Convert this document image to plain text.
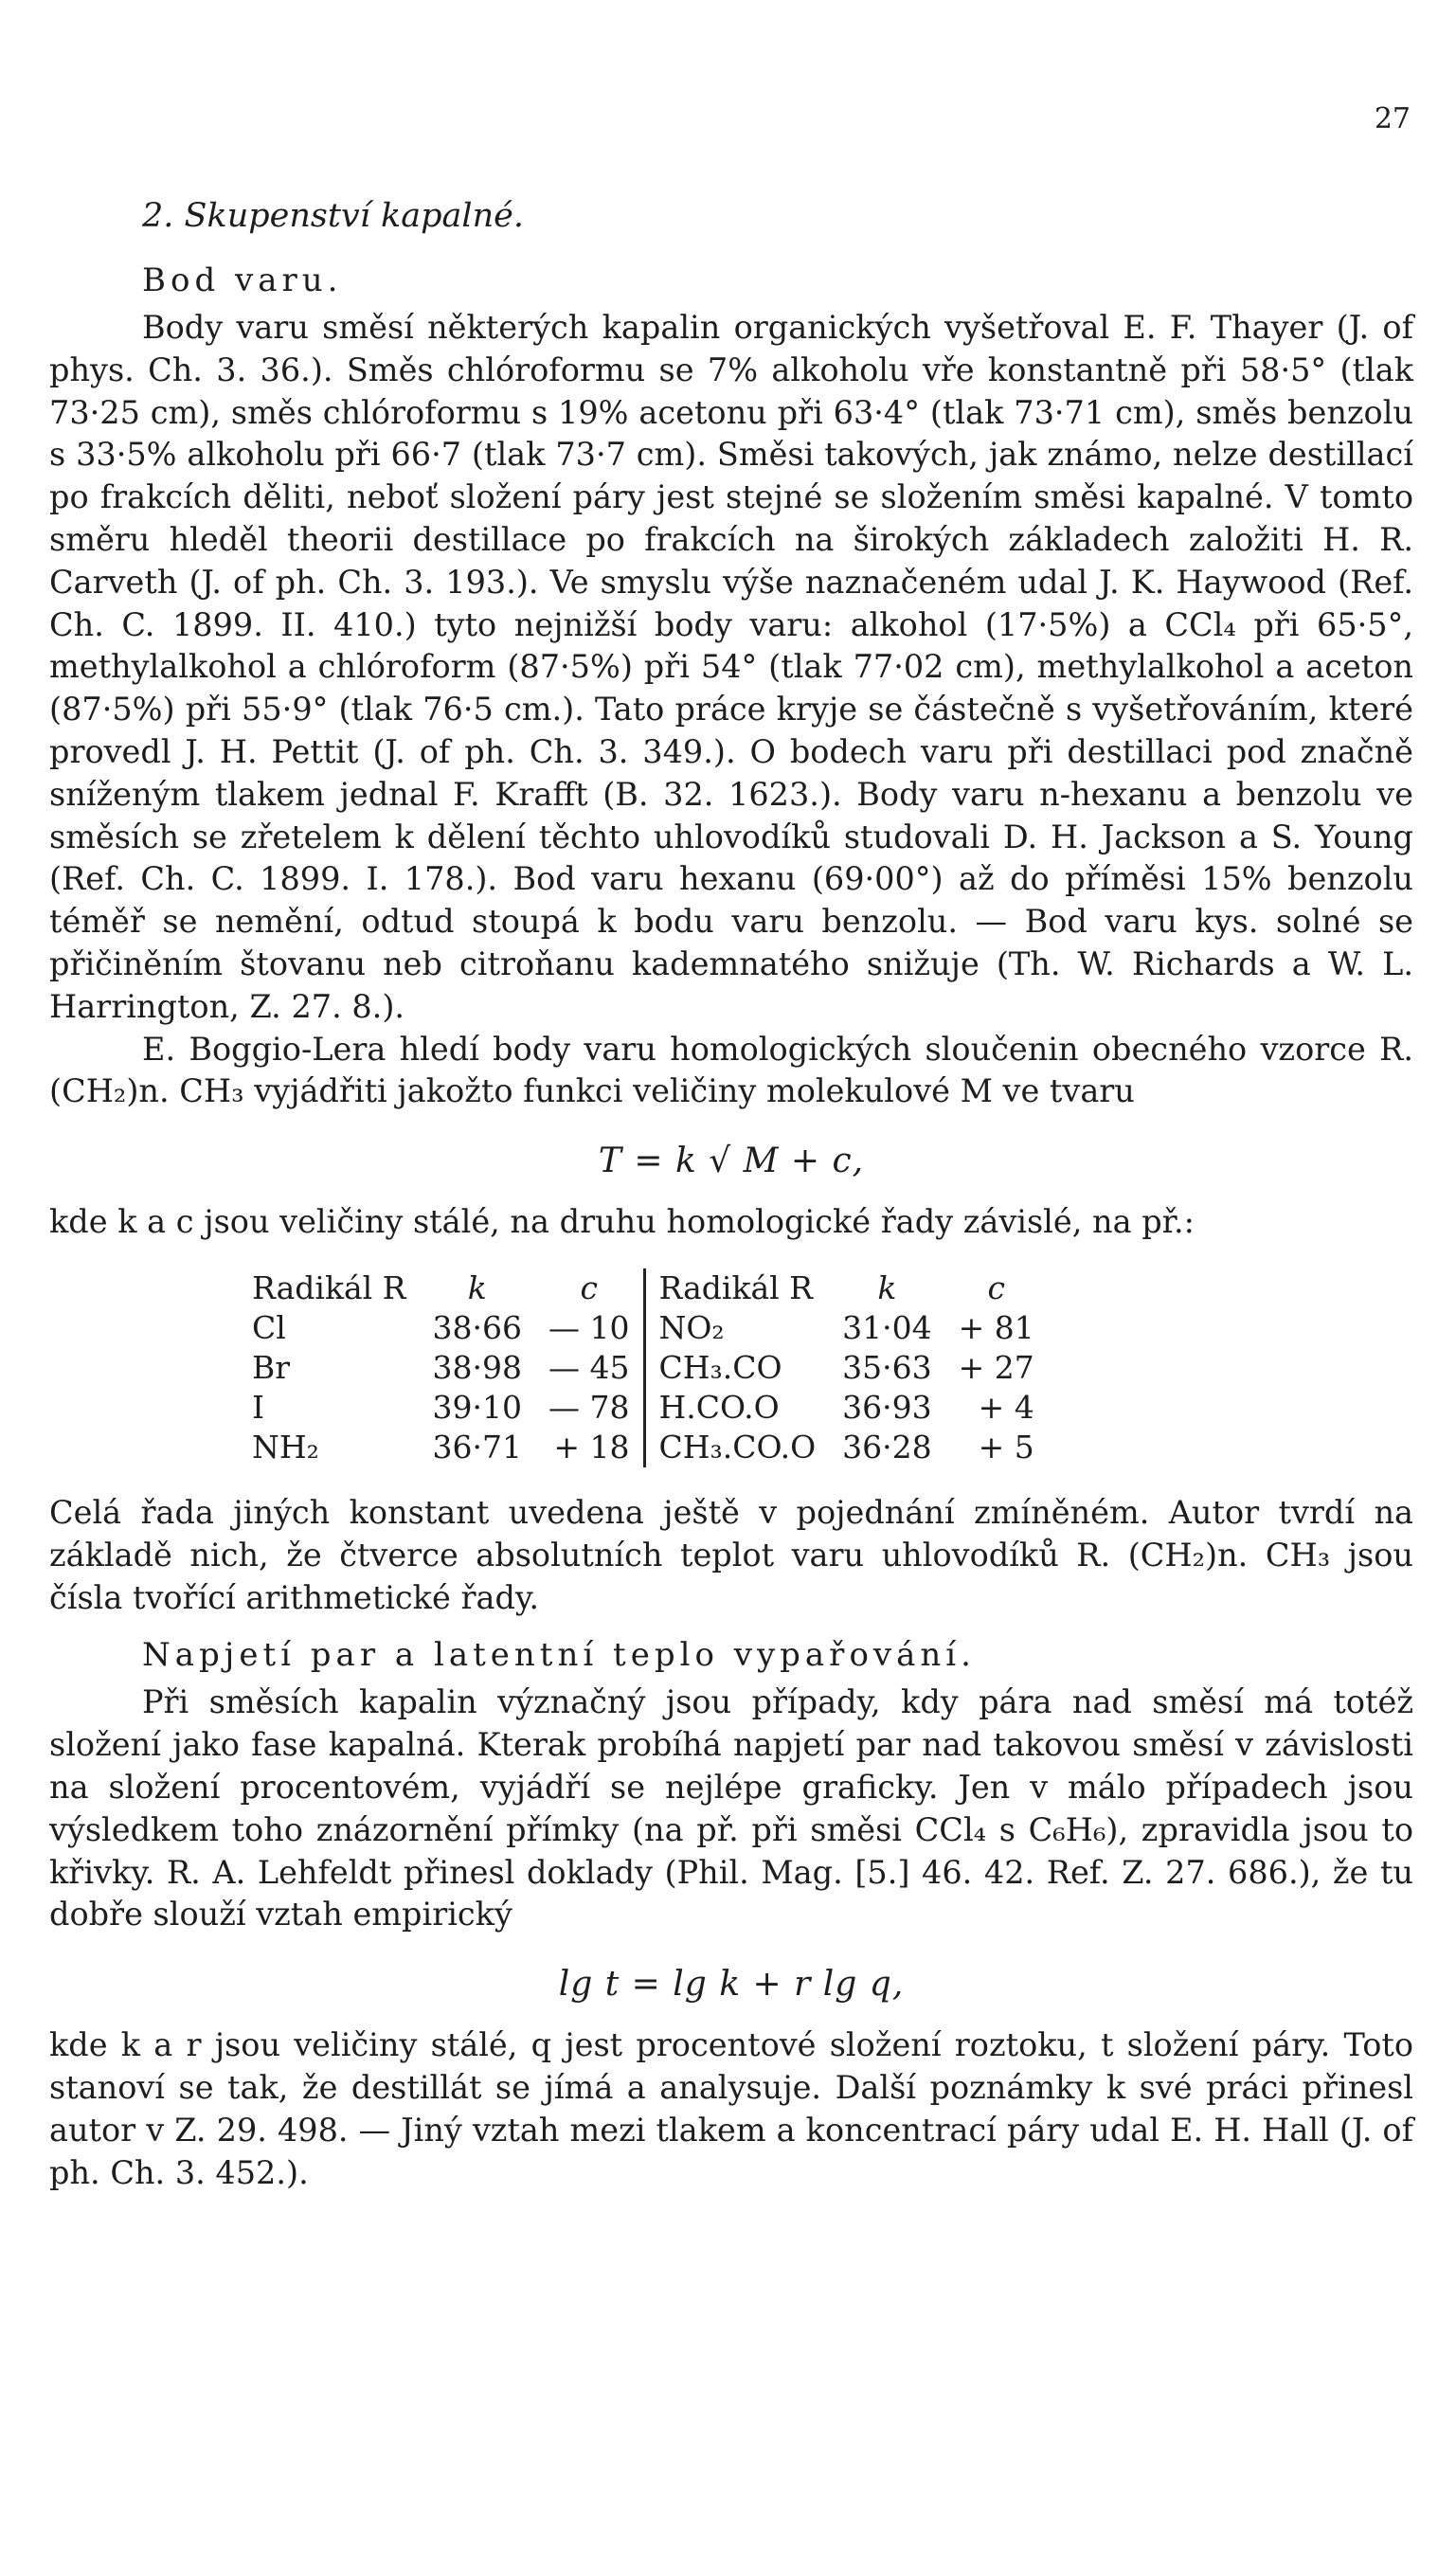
27
2. Skupenství kapalné.
Bod varu.

Body varu směsí některých kapalin organických vyšetřoval E. F. Thayer (J. of phys. Ch. 3. 36.). Směs chlóroformu se 7% alkoholu vře konstantně při 58·5° (tlak 73·25 cm), směs chlóroformu s 19% acetonu při 63·4° (tlak 73·71 cm), směs benzolu s 33·5% alkoholu při 66·7 (tlak 73·7 cm). Směsi takových, jak známo, nelze destillací po frakcích děliti, neboť složení páry jest stejné se složením směsi kapalné. V tomto směru hleděl theorii destillace po frakcích na širokých základech založiti H. R. Carveth (J. of ph. Ch. 3. 193.). Ve smyslu výše naznačeném udal J. K. Haywood (Ref. Ch. C. 1899. II. 410.) tyto nejnižší body varu: alkohol (17·5%) a CCl₄ při 65·5°, methylalkohol a chlóroform (87·5%) při 54° (tlak 77·02 cm), methylalkohol a aceton (87·5%) při 55·9° (tlak 76·5 cm.). Tato práce kryje se částečně s vyšetřováním, které provedl J. H. Pettit (J. of ph. Ch. 3. 349.). O bodech varu při destillaci pod značně sníženým tlakem jednal F. Krafft (B. 32. 1623.). Body varu n-hexanu a benzolu ve směsích se zřetelem k dělení těchto uhlovodíků studovali D. H. Jackson a S. Young (Ref. Ch. C. 1899. I. 178.). Bod varu hexanu (69·00°) až do příměsi 15% benzolu téměř se nemění, odtud stoupá k bodu varu benzolu. — Bod varu kys. solné se přičiněním štovanu neb citroňanu kademnatého snižuje (Th. W. Richards a W. L. Harrington, Z. 27. 8.).

E. Boggio-Lera hledí body varu homologických sloučenin obecného vzorce R. (CH₂)n. CH₃ vyjádřiti jakožto funkci veličiny molekulové M ve tvaru

T = k √ M + c,

kde k a c jsou veličiny stálé, na druhu homologické řady závislé, na př.:

Radikál R	k	c	Radikál R	k	c
Cl	38·66	— 10	NO₂	31·04	+ 81
Br	38·98	— 45	CH₃.CO	35·63	+ 27
I	39·10	— 78	H.CO.O	36·93	+ 4
NH₂	36·71	+ 18	CH₃.CO.O	36·28	+ 5

Celá řada jiných konstant uvedena ještě v pojednání zmíněném. Autor tvrdí na základě nich, že čtverce absolutních teplot varu uhlovodíků R. (CH₂)n. CH₃ jsou čísla tvořící arithmetické řady.

Napjetí par a latentní teplo vypařování.

Při směsích kapalin význačný jsou případy, kdy pára nad směsí má totéž složení jako fase kapalná. Kterak probíhá napjetí par nad takovou směsí v závislosti na složení procentovém, vyjádří se nejlépe graficky. Jen v málo případech jsou výsledkem toho znázornění přímky (na př. při směsi CCl₄ s C₆H₆), zpravidla jsou to křivky. R. A. Lehfeldt přinesl doklady (Phil. Mag. [5.] 46. 42. Ref. Z. 27. 686.), že tu dobře slouží vztah empirický

lg t = lg k + r lg q,

kde k a r jsou veličiny stálé, q jest procentové složení roztoku, t složení páry. Toto stanoví se tak, že destillát se jímá a analysuje. Další poznámky k své práci přinesl autor v Z. 29. 498. — Jiný vztah mezi tlakem a koncentrací páry udal E. H. Hall (J. of ph. Ch. 3. 452.).
